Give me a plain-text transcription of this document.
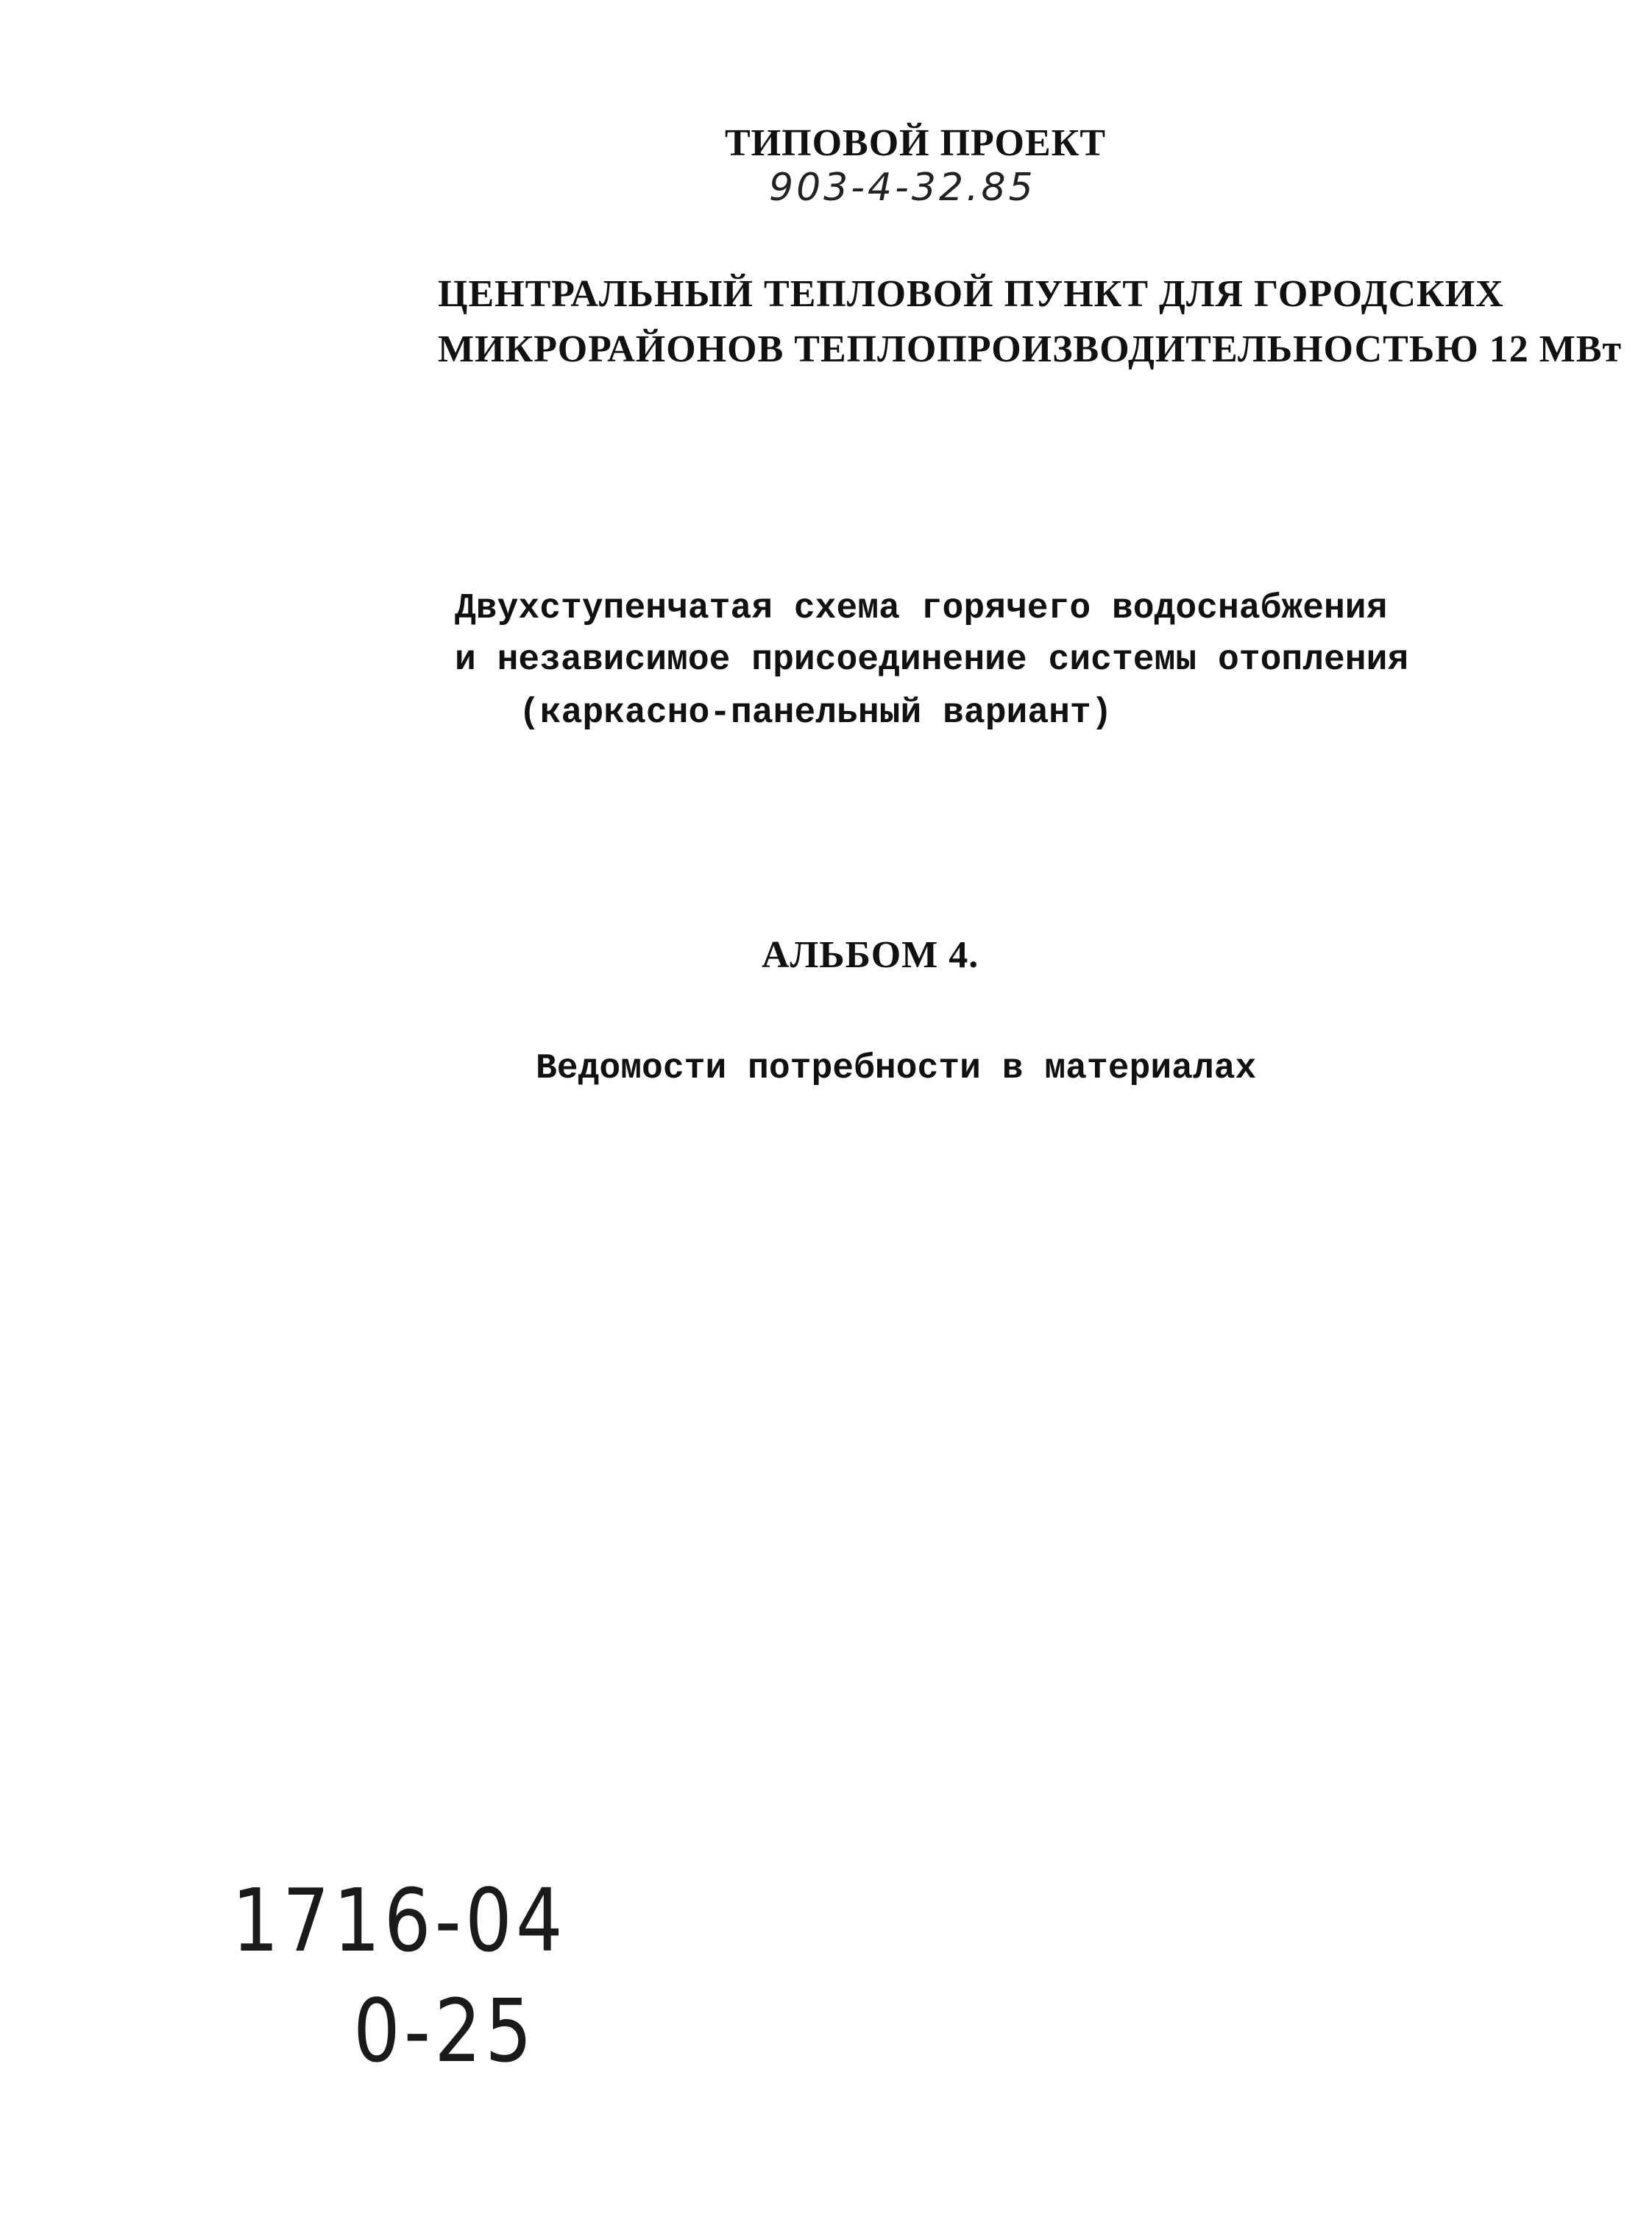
ТИПОВОЙ ПРОЕКТ
903-4-32.85
ЦЕНТРАЛЬНЫЙ ТЕПЛОВОЙ ПУНКТ ДЛЯ ГОРОДСКИХ
МИКРОРАЙОНОВ ТЕПЛОПРОИЗВОДИТЕЛЬНОСТЬЮ 12 МВт
Двухступенчатая схема горячего водоснабжения
и независимое присоединение системы отопления
(каркасно-панельный вариант)
АЛЬБОМ 4.
Ведомости потребности в материалах
1716-04
0-25
